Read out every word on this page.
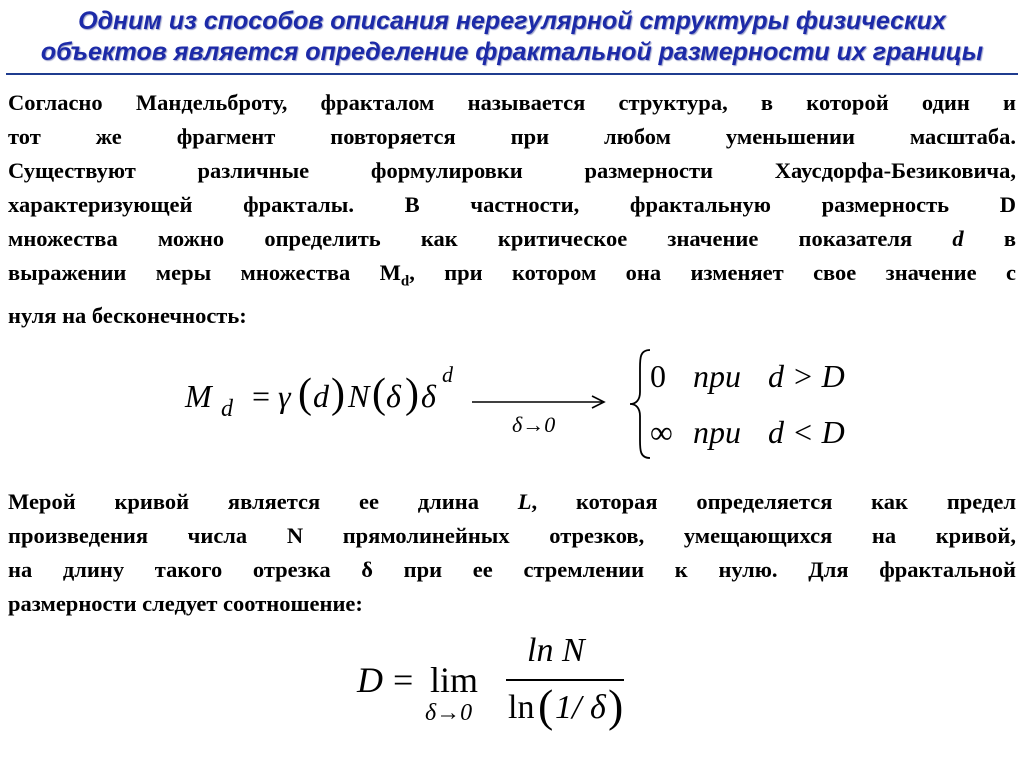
Одним из способов описания нерегулярной структуры физических
объектов является определение фрактальной размерности их границы
Согласно Мандельброту, фракталом называется структура, в которой один и
тот же фрагмент повторяется при любом уменьшении масштаба.
Существуют различные формулировки размерности Хаусдорфа-Безиковича,
характеризующей фракталы. В частности, фрактальную размерность D
множества можно определить как критическое значение показателя d в
выражении меры множества $M_d$, при котором она изменяет свое значение с
нуля на бесконечность:
M d = γ ( d ) N ( δ ) δ
d
δ→0
0 при d > D
∞ при d < D
Мерой кривой является ее длина L, которая определяется как предел
произведения числа N прямолинейных отрезков, умещающихся на кривой,
на длину такого отрезка δ при ее стремлении к нулю. Для фрактальной
размерности следует соотношение:
D = lim
δ→0
ln N
ln ( 1/ δ )
